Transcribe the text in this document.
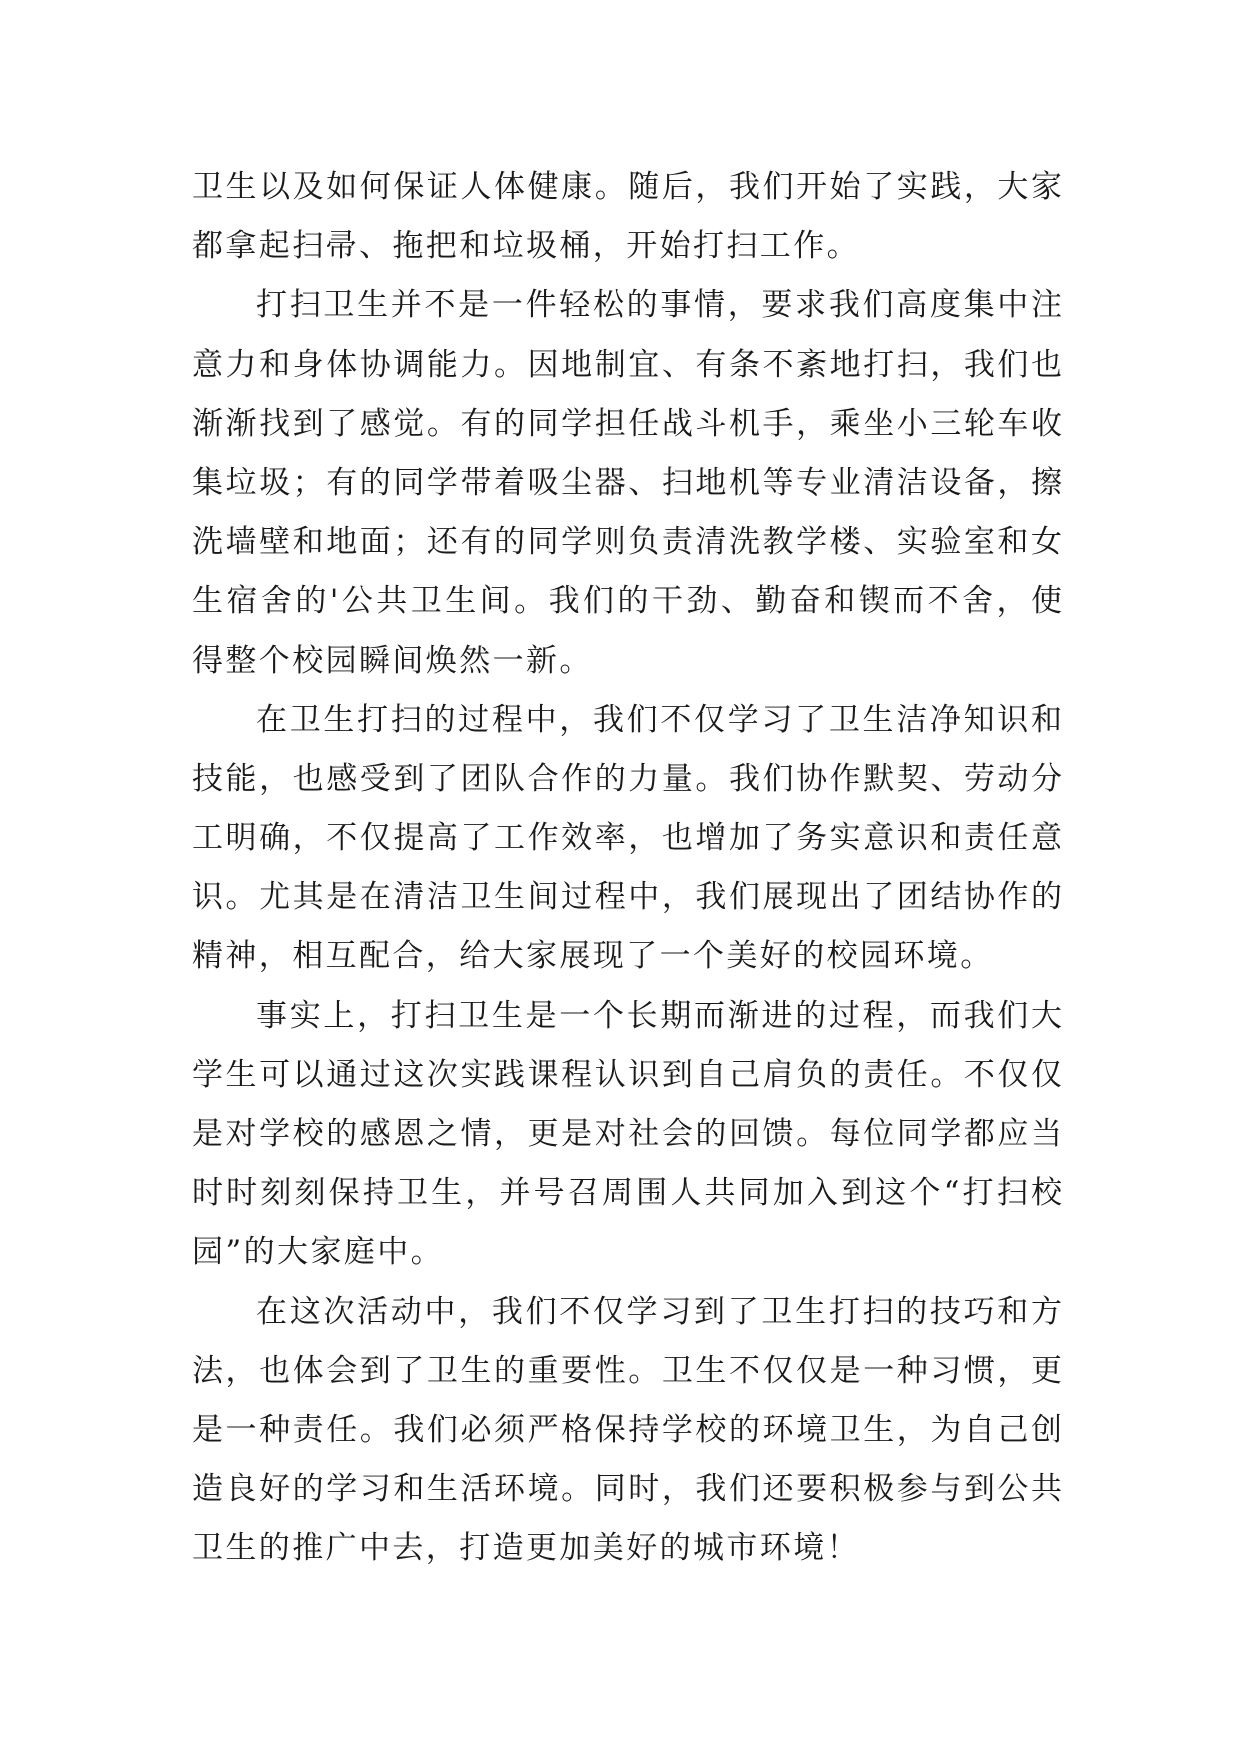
卫生以及如何保证人体健康。随后，我们开始了实践，大家
都拿起扫帚、拖把和垃圾桶，开始打扫工作。
打扫卫生并不是一件轻松的事情，要求我们高度集中注
意力和身体协调能力。因地制宜、有条不紊地打扫，我们也
渐渐找到了感觉。有的同学担任战斗机手，乘坐小三轮车收
集垃圾；有的同学带着吸尘器、扫地机等专业清洁设备，擦
洗墙壁和地面；还有的同学则负责清洗教学楼、实验室和女
生宿舍的'公共卫生间。我们的干劲、勤奋和锲而不舍，使
得整个校园瞬间焕然一新。
在卫生打扫的过程中，我们不仅学习了卫生洁净知识和
技能，也感受到了团队合作的力量。我们协作默契、劳动分
工明确，不仅提高了工作效率，也增加了务实意识和责任意
识。尤其是在清洁卫生间过程中，我们展现出了团结协作的
精神，相互配合，给大家展现了一个美好的校园环境。
事实上，打扫卫生是一个长期而渐进的过程，而我们大
学生可以通过这次实践课程认识到自己肩负的责任。不仅仅
是对学校的感恩之情，更是对社会的回馈。每位同学都应当
时时刻刻保持卫生，并号召周围人共同加入到这个“打扫校
园”的大家庭中。
在这次活动中，我们不仅学习到了卫生打扫的技巧和方
法，也体会到了卫生的重要性。卫生不仅仅是一种习惯，更
是一种责任。我们必须严格保持学校的环境卫生，为自己创
造良好的学习和生活环境。同时，我们还要积极参与到公共
卫生的推广中去，打造更加美好的城市环境！
